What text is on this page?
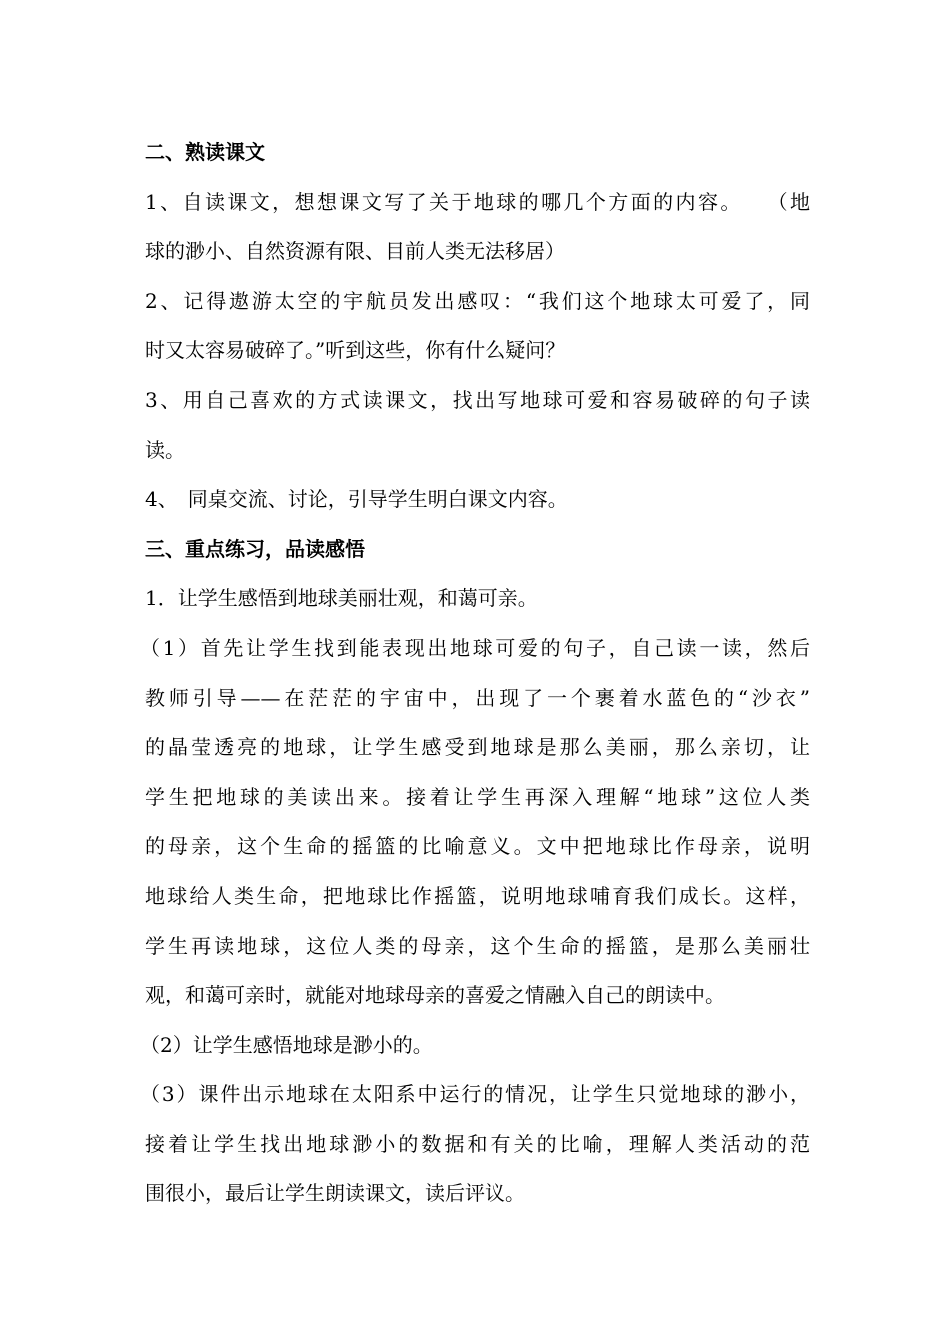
二、熟读课文
1、自读课文，想想课文写了关于地球的哪几个方面的内容。　　（地
球的渺小、自然资源有限、目前人类无法移居）
2、记得遨游太空的宇航员发出感叹：“我们这个地球太可爱了，同
时又太容易破碎了。”听到这些，你有什么疑问？
3、用自己喜欢的方式读课文，找出写地球可爱和容易破碎的句子读
读。
4、　同桌交流、讨论，引导学生明白课文内容。
三、重点练习，品读感悟
1．让学生感悟到地球美丽壮观，和蔼可亲。
（1）首先让学生找到能表现出地球可爱的句子，自己读一读，然后
教师引导——在茫茫的宇宙中，出现了一个裹着水蓝色的“沙衣”
的晶莹透亮的地球，让学生感受到地球是那么美丽，那么亲切，让
学生把地球的美读出来。接着让学生再深入理解“地球”这位人类
的母亲，这个生命的摇篮的比喻意义。文中把地球比作母亲，说明
地球给人类生命，把地球比作摇篮，说明地球哺育我们成长。这样，
学生再读地球，这位人类的母亲，这个生命的摇篮，是那么美丽壮
观，和蔼可亲时，就能对地球母亲的喜爱之情融入自己的朗读中。
（2）让学生感悟地球是渺小的。
（3）课件出示地球在太阳系中运行的情况，让学生只觉地球的渺小，
接着让学生找出地球渺小的数据和有关的比喻，理解人类活动的范
围很小，最后让学生朗读课文，读后评议。
